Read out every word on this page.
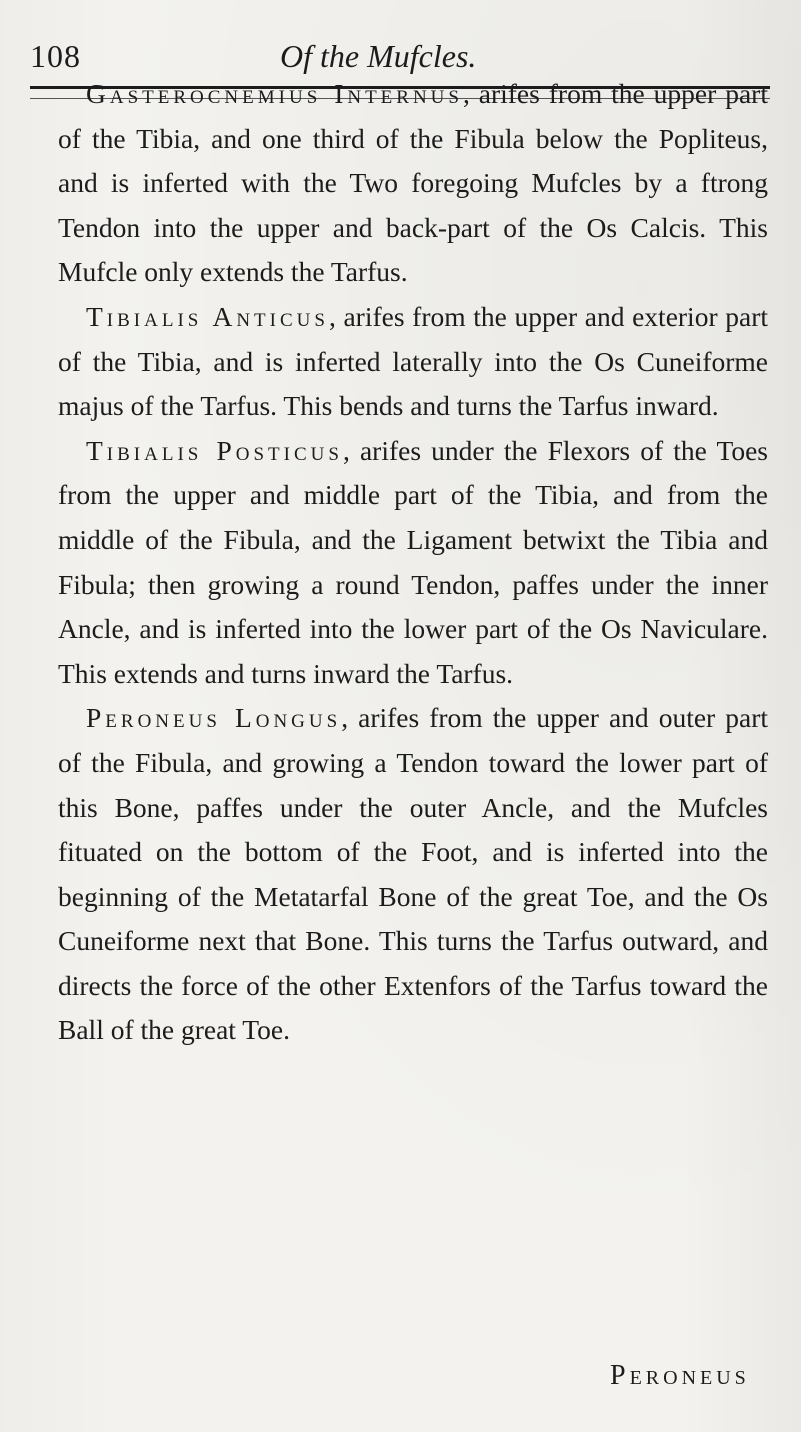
108	Of the Mufcles.

Gasterocnemius Internus, arifes from the upper part of the Tibia, and one third of the Fibula below the Popliteus, and is inferted with the Two foregoing Mufcles by a ftrong Tendon into the upper and back-part of the Os Calcis. This Mufcle only extends the Tarfus.

Tibialis Anticus, arifes from the upper and exterior part of the Tibia, and is inferted laterally into the Os Cuneiforme majus of the Tarfus. This bends and turns the Tarfus inward.

Tibialis Posticus, arifes under the Flexors of the Toes from the upper and middle part of the Tibia, and from the middle of the Fibula, and the Ligament betwixt the Tibia and Fibula; then growing a round Tendon, paffes under the inner Ancle, and is inferted into the lower part of the Os Naviculare. This extends and turns inward the Tarfus.

Peroneus Longus, arifes from the upper and outer part of the Fibula, and growing a Tendon toward the lower part of this Bone, paffes under the outer Ancle, and the Mufcles fituated on the bottom of the Foot, and is inferted into the beginning of the Metatarfal Bone of the great Toe, and the Os Cuneiforme next that Bone. This turns the Tarfus outward, and directs the force of the other Extenfors of the Tarfus toward the Ball of the great Toe.

Peroneus
